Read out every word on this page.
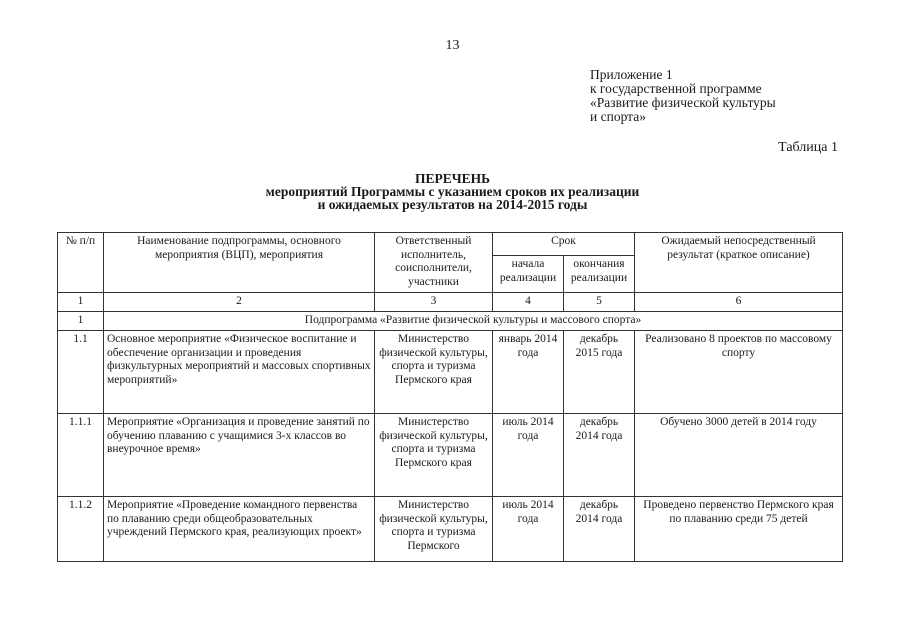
13
Приложение 1
к государственной программе
«Развитие физической культуры
и спорта»
Таблица 1
ПЕРЕЧЕНЬ
мероприятий Программы с указанием сроков их реализации
и ожидаемых результатов на 2014-2015 годы
№ п/п	Наименование подпрограммы, основного мероприятия (ВЦП), мероприятия	Ответственный исполнитель, соисполнители, участники	Срок		Ожидаемый непосредственный результат (краткое описание)
			начала реализации	окончания реализации	
1	2	3	4	5	6
1	Подпрограмма «Развитие физической культуры и массового спорта»				
1.1	Основное мероприятие «Физическое воспитание и обеспечение организации и проведения физкультурных мероприятий и массовых спортивных мероприятий»	Министерство физической культуры, спорта и туризма Пермского края	январь 2014 года	декабрь 2015 года	Реализовано 8 проектов по массовому спорту
1.1.1	Мероприятие «Организация и проведение занятий по обучению плаванию с учащимися 3-х классов во внеурочное время»	Министерство физической культуры, спорта и туризма Пермского края	июль 2014 года	декабрь 2014 года	Обучено 3000 детей в 2014 году
1.1.2	Мероприятие «Проведение командного первенства по плаванию среди общеобразовательных учреждений Пермского края, реализующих проект»	Министерство физической культуры, спорта и туризма Пермского	июль 2014 года	декабрь 2014 года	Проведено первенство Пермского края по плаванию среди 75 детей
